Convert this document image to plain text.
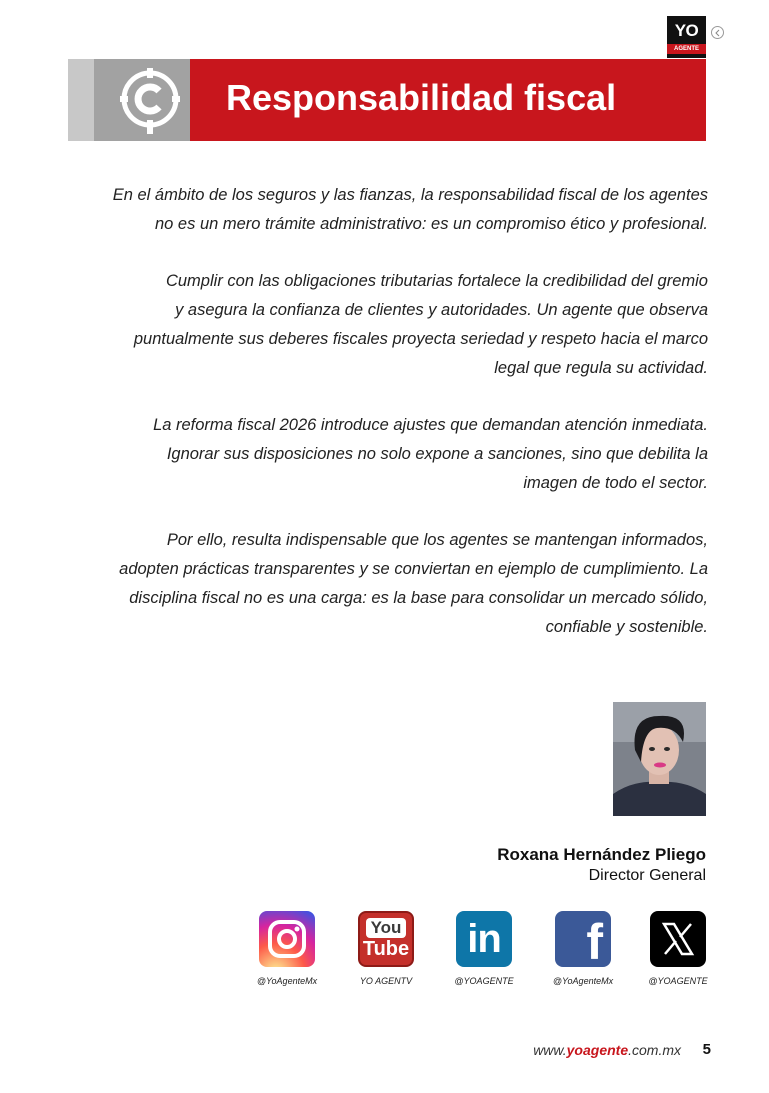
YO
AGENTE
Responsabilidad fiscal

En el ámbito de los seguros y las fianzas, la responsabilidad fiscal de los agentes
no es un mero trámite administrativo: es un compromiso ético y profesional.

Cumplir con las obligaciones tributarias fortalece la credibilidad del gremio
y asegura la confianza de clientes y autoridades. Un agente que observa
puntualmente sus deberes fiscales proyecta seriedad y respeto hacia el marco
legal que regula su actividad.

La reforma fiscal 2026 introduce ajustes que demandan atención inmediata.
Ignorar sus disposiciones no solo expone a sanciones, sino que debilita la
imagen de todo el sector.

Por ello, resulta indispensable que los agentes se mantengan informados,
adopten prácticas transparentes y se conviertan en ejemplo de cumplimiento. La
disciplina fiscal no es una carga: es la base para consolidar un mercado sólido,
confiable y sostenible.

Roxana Hernández Pliego
Director General
@YoAgenteMx
You
Tube
YO AGENTV
in
@YOAGENTE
f
@YoAgenteMx	@YOAGENTE
www.yoagente.com.mx 5
